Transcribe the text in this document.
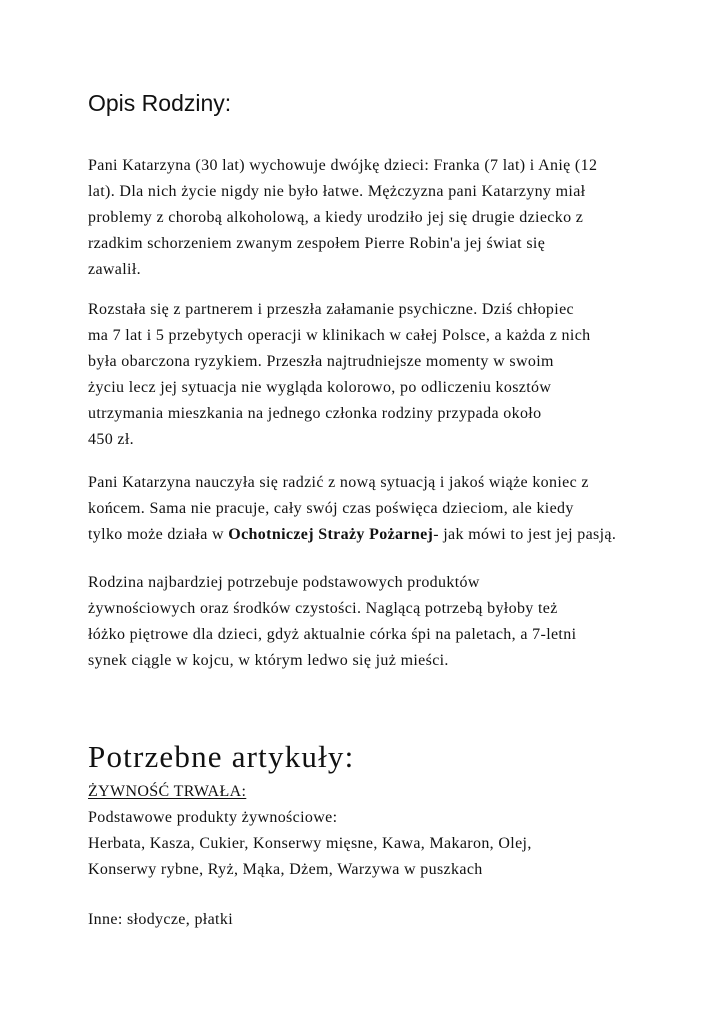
Opis Rodziny:
Pani Katarzyna (30 lat) wychowuje dwójkę dzieci: Franka (7 lat) i Anię (12
lat). Dla nich życie nigdy nie było łatwe. Mężczyzna pani Katarzyny miał
problemy z chorobą alkoholową, a kiedy urodziło jej się drugie dziecko z
rzadkim schorzeniem zwanym zespołem Pierre Robin'a jej świat się
zawalił.
Rozstała się z partnerem i przeszła załamanie psychiczne. Dziś chłopiec
ma 7 lat i 5 przebytych operacji w klinikach w całej Polsce, a każda z nich
była obarczona ryzykiem. Przeszła najtrudniejsze momenty w swoim
życiu lecz jej sytuacja nie wygląda kolorowo, po odliczeniu kosztów
utrzymania mieszkania na jednego członka rodziny przypada około
450 zł.
Pani Katarzyna nauczyła się radzić z nową sytuacją i jakoś wiąże koniec z
końcem. Sama nie pracuje, cały swój czas poświęca dzieciom, ale kiedy
tylko może działa w Ochotniczej Straży Pożarnej- jak mówi to jest jej pasją.
Rodzina najbardziej potrzebuje podstawowych produktów
żywnościowych oraz środków czystości. Naglącą potrzebą byłoby też
łóżko piętrowe dla dzieci, gdyż aktualnie córka śpi na paletach, a 7-letni
synek ciągle w kojcu, w którym ledwo się już mieści.
Potrzebne artykuły:
ŻYWNOŚĆ TRWAŁA:
Podstawowe produkty żywnościowe:
Herbata, Kasza, Cukier, Konserwy mięsne, Kawa, Makaron, Olej,
Konserwy rybne, Ryż, Mąka, Dżem, Warzywa w puszkach
Inne: słodycze, płatki
